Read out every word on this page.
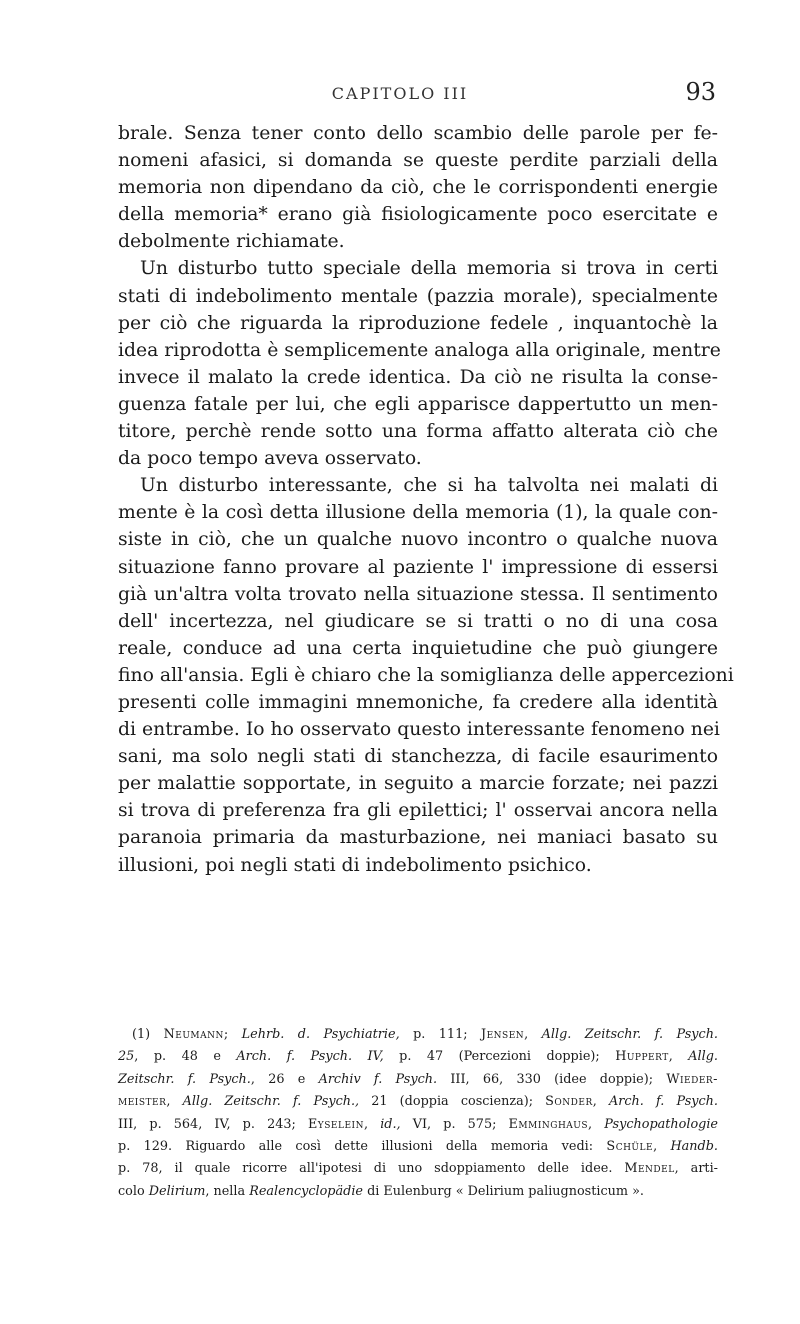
CAPITOLO III	93
brale. Senza tener conto dello scambio delle parole per fe-
nomeni afasici, si domanda se queste perdite parziali della
memoria non dipendano da ciò, che le corrispondenti energie
della memoria* erano già fisiologicamente poco esercitate e
debolmente richiamate.
Un disturbo tutto speciale della memoria si trova in certi
stati di indebolimento mentale (pazzia morale), specialmente
per ciò che riguarda la riproduzione fedele , inquantochè la
idea riprodotta è semplicemente analoga alla originale, mentre
invece il malato la crede identica. Da ciò ne risulta la conse-
guenza fatale per lui, che egli apparisce dappertutto un men-
titore, perchè rende sotto una forma affatto alterata ciò che
da poco tempo aveva osservato.
Un disturbo interessante, che si ha talvolta nei malati di
mente è la così detta illusione della memoria (1), la quale con-
siste in ciò, che un qualche nuovo incontro o qualche nuova
situazione fanno provare al paziente l' impressione di essersi
già un'altra volta trovato nella situazione stessa. Il sentimento
dell' incertezza, nel giudicare se si tratti o no di una cosa
reale, conduce ad una certa inquietudine che può giungere
fino all'ansia. Egli è chiaro che la somiglianza delle appercezioni
presenti colle immagini mnemoniche, fa credere alla identità
di entrambe. Io ho osservato questo interessante fenomeno nei
sani, ma solo negli stati di stanchezza, di facile esaurimento
per malattie sopportate, in seguito a marcie forzate; nei pazzi
si trova di preferenza fra gli epilettici; l' osservai ancora nella
paranoia primaria da masturbazione, nei maniaci basato su
illusioni, poi negli stati di indebolimento psichico.
(1) Neumann; Lehrb. d. Psychiatrie, p. 111; Jensen, Allg. Zeitschr. f. Psych.
25, p. 48 e Arch. f. Psych. IV, p. 47 (Percezioni doppie); Huppert, Allg.
Zeitschr. f. Psych., 26 e Archiv f. Psych. III, 66, 330 (idee doppie); Wieder-
meister, Allg. Zeitschr. f. Psych., 21 (doppia coscienza); Sonder, Arch. f. Psych.
III, p. 564, IV, p. 243; Eyselein, id., VI, p. 575; Emminghaus, Psychopathologie
p. 129. Riguardo alle così dette illusioni della memoria vedi: Schüle, Handb.
p. 78, il quale ricorre all'ipotesi di uno sdoppiamento delle idee. Mendel, arti-
colo Delirium, nella Realencyclopädie di Eulenburg « Delirium paliugnosticum ».
